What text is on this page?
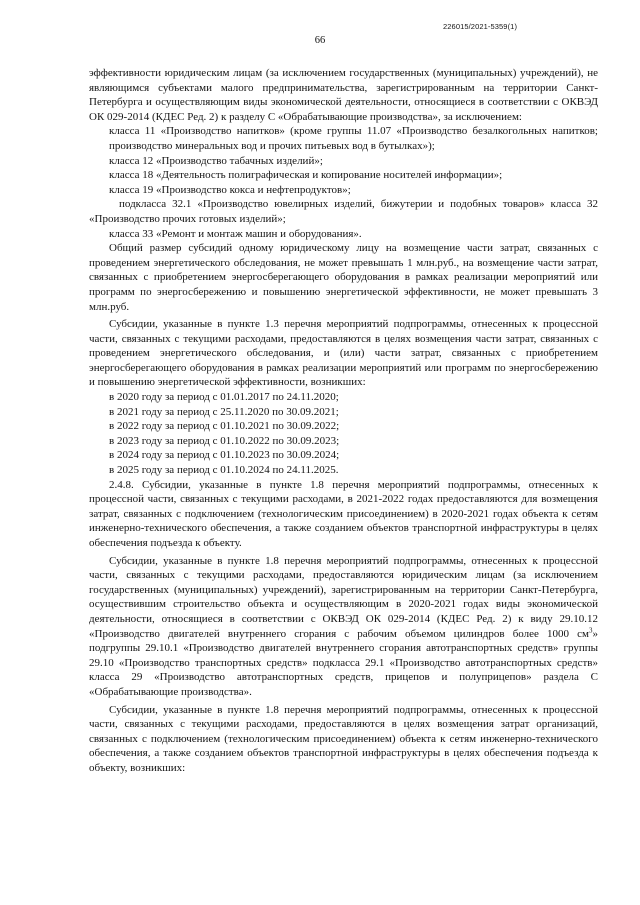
226015/2021-5359(1)
66

эффективности юридическим лицам (за исключением государственных (муниципальных) учреждений), не являющимся субъектами малого предпринимательства, зарегистрированным на территории Санкт-Петербурга и осуществляющим виды экономической деятельности, относящиеся в соответствии с ОКВЭД ОК 029-2014 (КДЕС Ред. 2) к разделу С «Обрабатывающие производства», за исключением:

класса 11 «Производство напитков» (кроме группы 11.07 «Производство безалкогольных напитков; производство минеральных вод и прочих питьевых вод в бутылках»);

класса 12 «Производство табачных изделий»;

класса 18 «Деятельность полиграфическая и копирование носителей информации»;

класса 19 «Производство кокса и нефтепродуктов»;

подкласса 32.1 «Производство ювелирных изделий, бижутерии и подобных товаров» класса 32 «Производство прочих готовых изделий»;

класса 33 «Ремонт и монтаж машин и оборудования».

Общий размер субсидий одному юридическому лицу на возмещение части затрат, связанных с проведением энергетического обследования, не может превышать 1 млн.руб., на возмещение части затрат, связанных с приобретением энергосберегающего оборудования в рамках реализации мероприятий или программ по энергосбережению и повышению энергетической эффективности, не может превышать 3 млн.руб.

Субсидии, указанные в пункте 1.3 перечня мероприятий подпрограммы, отнесенных к процессной части, связанных с текущими расходами, предоставляются в целях возмещения части затрат, связанных с проведением энергетического обследования, и (или) части затрат, связанных с приобретением энергосберегающего оборудования в рамках реализации мероприятий или программ по энергосбережению и повышению энергетической эффективности, возникших:

в 2020 году за период с 01.01.2017 по 24.11.2020;

в 2021 году за период с 25.11.2020 по 30.09.2021;

в 2022 году за период с 01.10.2021 по 30.09.2022;

в 2023 году за период с 01.10.2022 по 30.09.2023;

в 2024 году за период с 01.10.2023 по 30.09.2024;

в 2025 году за период с 01.10.2024 по 24.11.2025.

2.4.8. Субсидии, указанные в пункте 1.8 перечня мероприятий подпрограммы, отнесенных к процессной части, связанных с текущими расходами, в 2021-2022 годах предоставляются для возмещения затрат, связанных с подключением (технологическим присоединением) в 2020-2021 годах объекта к сетям инженерно-технического обеспечения, а также созданием объектов транспортной инфраструктуры в целях обеспечения подъезда к объекту.

Субсидии, указанные в пункте 1.8 перечня мероприятий подпрограммы, отнесенных к процессной части, связанных с текущими расходами, предоставляются юридическим лицам (за исключением государственных (муниципальных) учреждений), зарегистрированным на территории Санкт-Петербурга, осуществившим строительство объекта и осуществляющим в 2020-2021 годах виды экономической деятельности, относящиеся в соответствии с ОКВЭД ОК 029-2014 (КДЕС Ред. 2) к виду 29.10.12 «Производство двигателей внутреннего сгорания с рабочим объемом цилиндров более 1000 $см^3$» подгруппы 29.10.1 «Производство двигателей внутреннего сгорания автотранспортных средств» группы 29.10 «Производство транспортных средств» подкласса 29.1 «Производство автотранспортных средств» класса 29 «Производство автотранспортных средств, прицепов и полуприцепов» раздела С «Обрабатывающие производства».

Субсидии, указанные в пункте 1.8 перечня мероприятий подпрограммы, отнесенных к процессной части, связанных с текущими расходами, предоставляются в целях возмещения затрат организаций, связанных с подключением (технологическим присоединением) объекта к сетям инженерно-технического обеспечения, а также созданием объектов транспортной инфраструктуры в целях обеспечения подъезда к объекту, возникших:
